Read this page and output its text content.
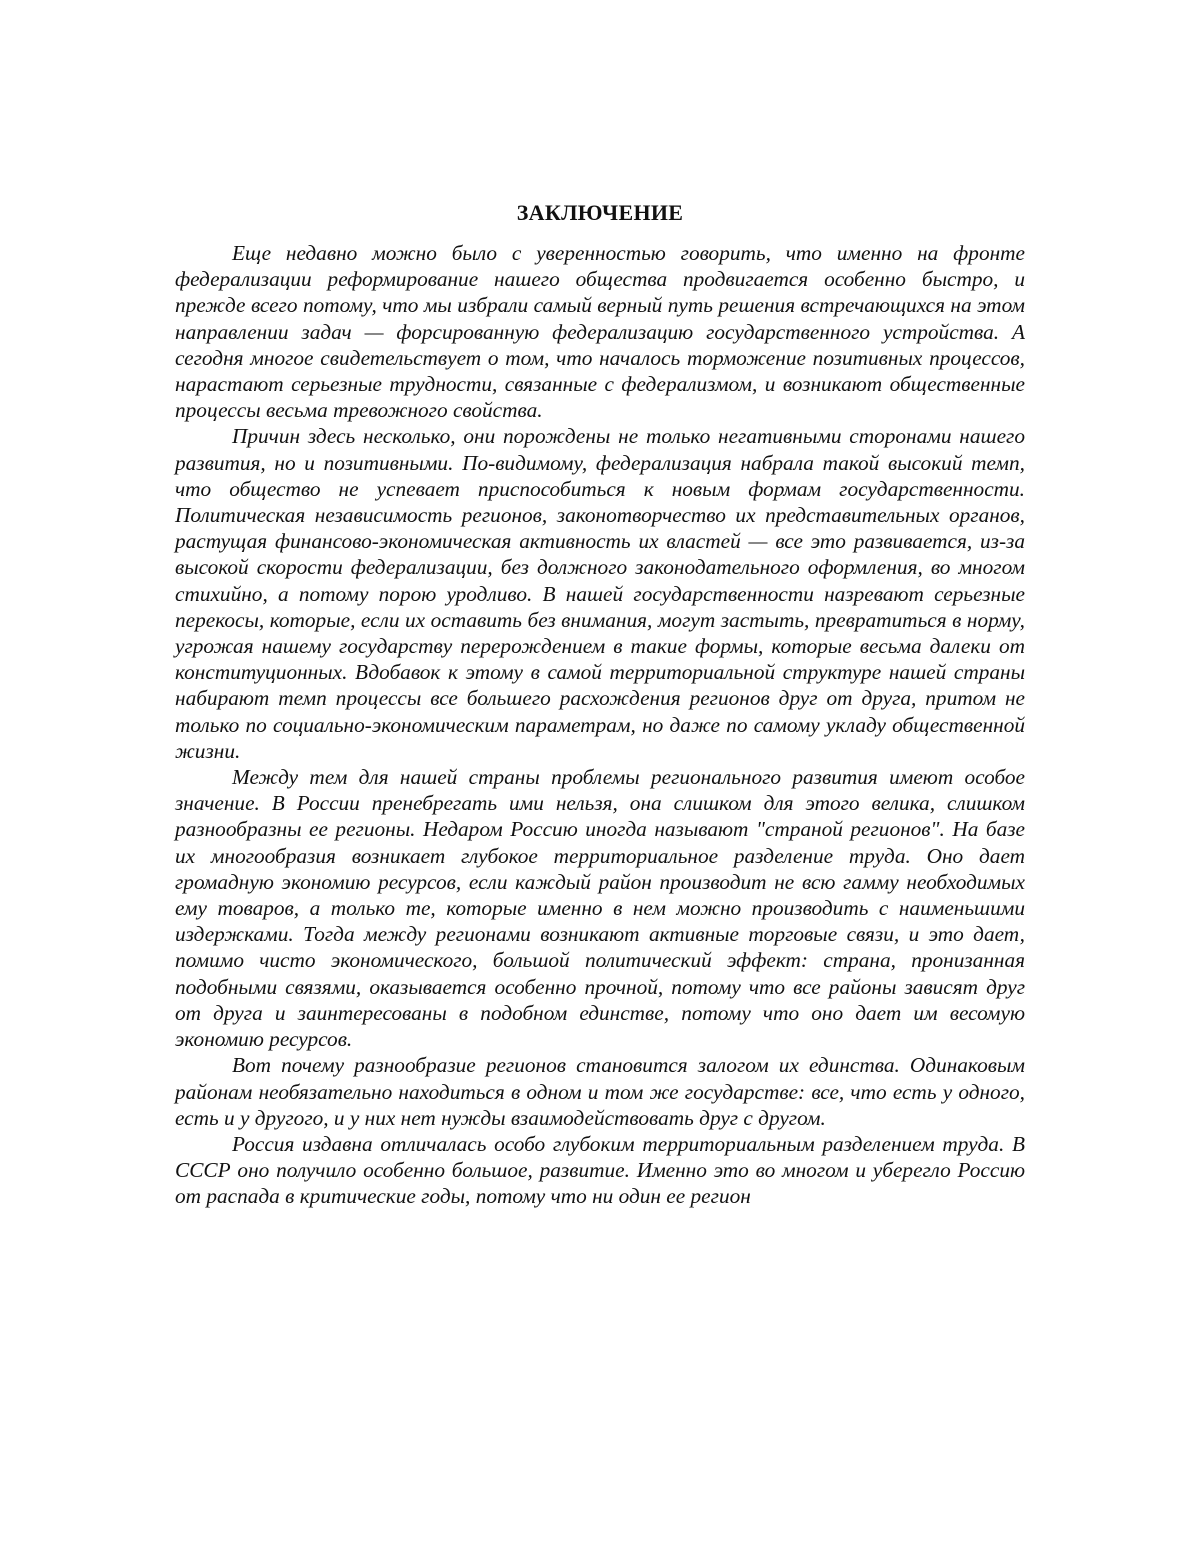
ЗАКЛЮЧЕНИЕ

Еще недавно можно было с уверенностью говорить, что именно на фронте федерализации реформирование нашего общества продвигается особенно быстро, и прежде всего потому, что мы избрали самый верный путь решения встречающихся на этом направлении задач — форсированную федерализацию государственного устройства. А сегодня многое свидетельствует о том, что началось торможение позитивных процессов, нарастают серьезные трудности, связанные с федерализмом, и возникают общественные процессы весьма тревожного свойства.

Причин здесь несколько, они порождены не только негативными сторонами нашего развития, но и позитивными. По-видимому, федерализация набрала такой высокий темп, что общество не успевает приспособиться к новым формам государственности. Политическая независимость регионов, законотворчество их представительных органов, растущая финансово-экономическая активность их властей — все это развивается, из-за высокой скорости федерализации, без должного законодательного оформления, во многом стихийно, а потому порою уродливо. В нашей государственности назревают серьезные перекосы, которые, если их оставить без внимания, могут застыть, превратиться в норму, угрожая нашему государству перерождением в такие формы, которые весьма далеки от конституционных. Вдобавок к этому в самой территориальной структуре нашей страны набирают темп процессы все большего расхождения регионов друг от друга, притом не только по социально-экономическим параметрам, но даже по самому укладу общественной жизни.

Между тем для нашей страны проблемы регионального развития имеют особое значение. В России пренебрегать ими нельзя, она слишком для этого велика, слишком разнообразны ее регионы. Недаром Россию иногда называют "страной регионов". На базе их многообразия возникает глубокое территориальное разделение труда. Оно дает громадную экономию ресурсов, если каждый район производит не всю гамму необходимых ему товаров, а только те, которые именно в нем можно производить с наименьшими издержками. Тогда между регионами возникают активные торговые связи, и это дает, помимо чисто экономического, большой политический эффект: страна, пронизанная подобными связями, оказывается особенно прочной, потому что все районы зависят друг от друга и заинтересованы в подобном единстве, потому что оно дает им весомую экономию ресурсов.

Вот почему разнообразие регионов становится залогом их единства. Одинаковым районам необязательно находиться в одном и том же государстве: все, что есть у одного, есть и у другого, и у них нет нужды взаимодействовать друг с другом.

Россия издавна отличалась особо глубоким территориальным разделением труда. В СССР оно получило особенно большое, развитие. Именно это во многом и уберегло Россию от распада в критические годы, потому что ни один ее регион
